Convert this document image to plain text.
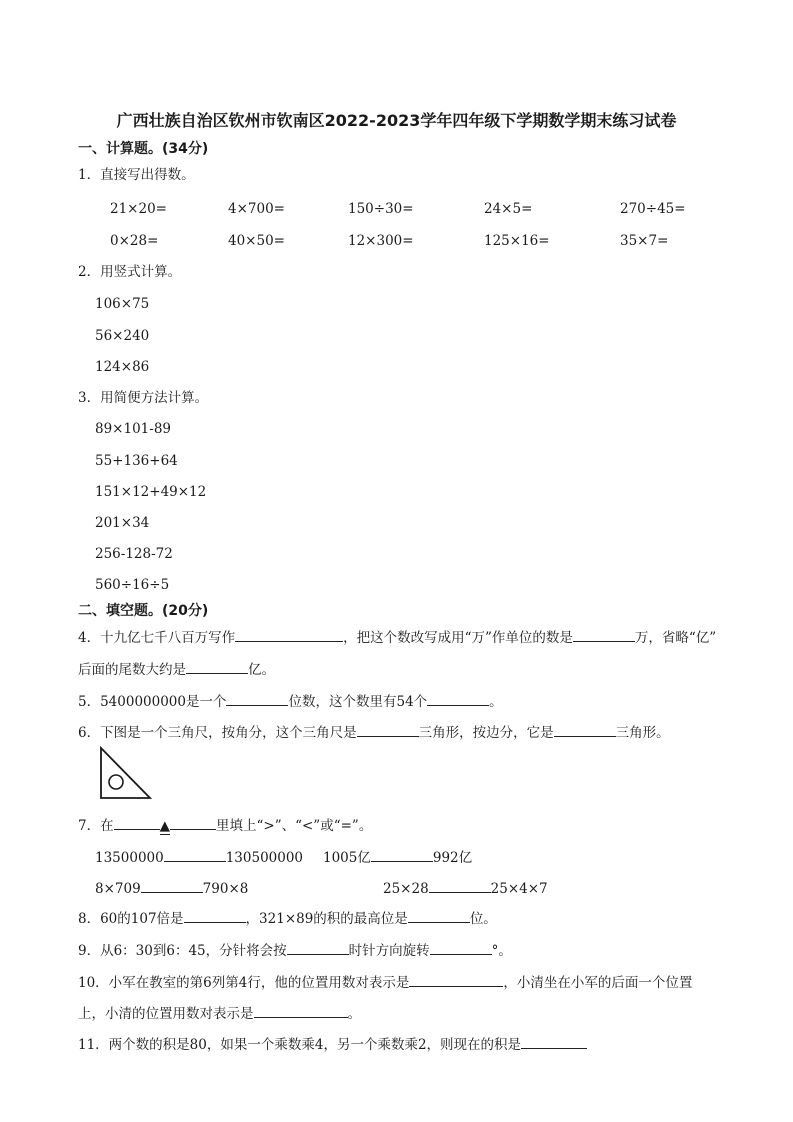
广西壮族自治区钦州市钦南区2022-2023学年四年级下学期数学期末练习试卷
一、计算题。(34分)
1．直接写出得数。
21×20=	4×700=	150÷30=	24×5=	270÷45=
0×28=	40×50=	12×300=	125×16=	35×7=
2．用竖式计算。
106×75
56×240
124×86
3．用简便方法计算。
89×101-89
55+136+64
151×12+49×12
201×34
256-128-72
560÷16÷5
二、填空题。(20分)
4．十九亿七千八百万写作	，把这个数改写成用“万”作单位的数是	万，省略“亿”
后面的尾数大约是	亿。
5．5400000000是一个	位数，这个数里有54个	。
6．下图是一个三角尺，按角分，这个三角尺是	三角形，按边分，它是	三角形。
7．在	▲	里填上“>”、“<”或“=”。
13500000	130500000 1005亿	992亿
8×709	790×8	25×28	25×4×7
8．60的107倍是	，321×89的积的最高位是	位。
9．从6：30到6：45，分针将会按	时针方向旋转	°。
10．小军在教室的第6列第4行，他的位置用数对表示是	，小清坐在小军的后面一个位置
上，小清的位置用数对表示是	。
11．两个数的积是80，如果一个乘数乘4，另一个乘数乘2，则现在的积是
